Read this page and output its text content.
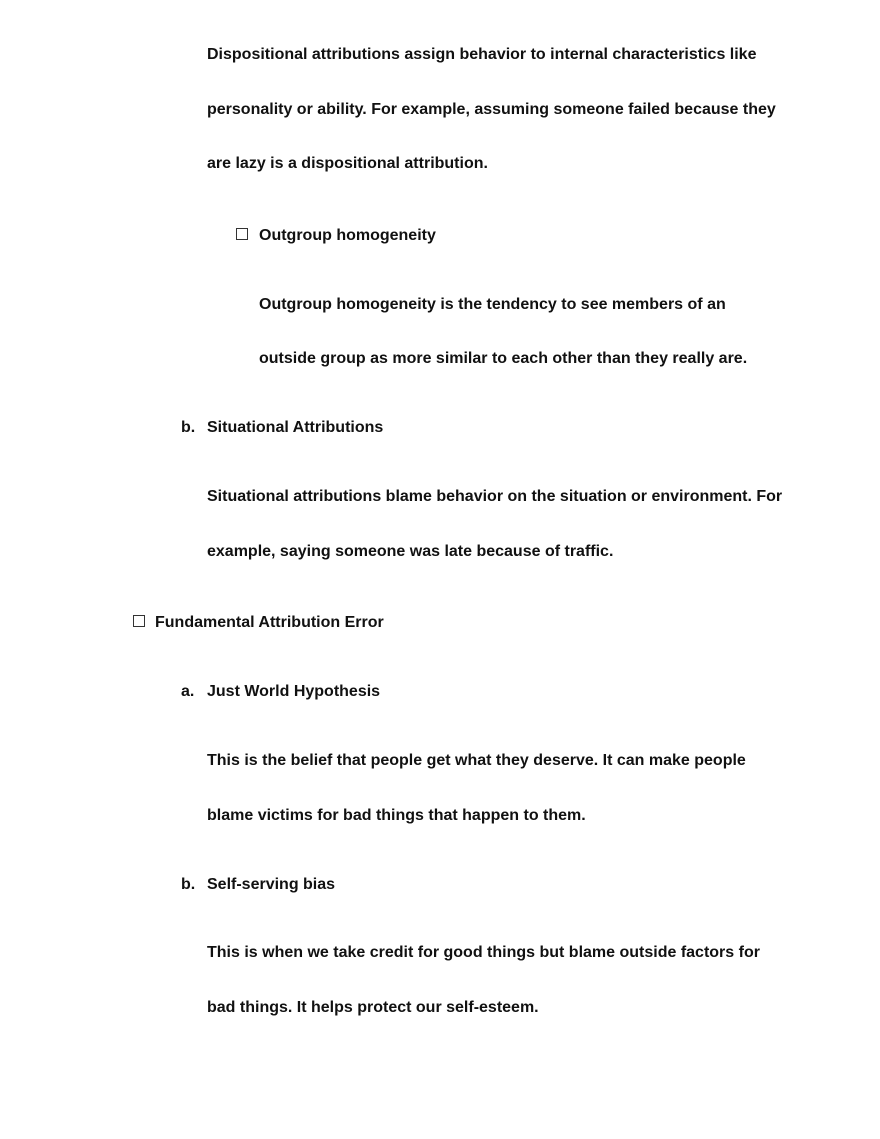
Dispositional attributions assign behavior to internal characteristics like
personality or ability. For example, assuming someone failed because they
are lazy is a dispositional attribution.
Outgroup homogeneity
Outgroup homogeneity is the tendency to see members of an
outside group as more similar to each other than they really are.
b. Situational Attributions
Situational attributions blame behavior on the situation or environment. For
example, saying someone was late because of traffic.
Fundamental Attribution Error
a. Just World Hypothesis
This is the belief that people get what they deserve. It can make people
blame victims for bad things that happen to them.
b. Self-serving bias
This is when we take credit for good things but blame outside factors for
bad things. It helps protect our self-esteem.
